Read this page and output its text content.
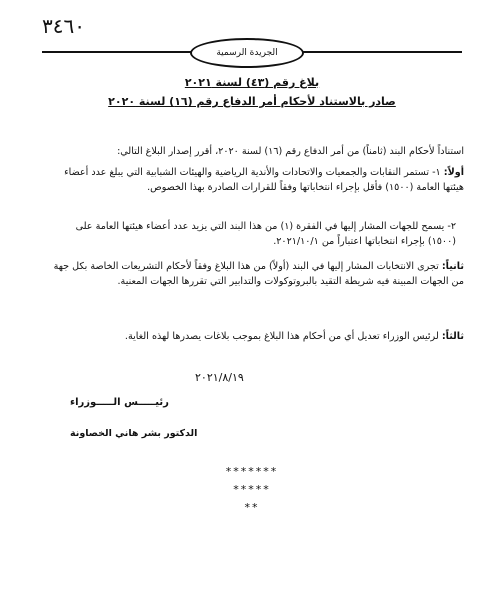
٣٤٦٠
الجريدة الرسمية
بلاغ رقم (٤٣) لسنة ٢٠٢١
صادر بالاستناد لأحكام أمر الدفاع رقم (١٦) لسنة ٢٠٢٠
استناداً لأحكام البند (ثامناً) من أمر الدفاع رقم (١٦) لسنة ٢٠٢٠، أقرر إصدار البلاغ التالي:
أولاً: ١- تستمر النقابات والجمعيات والاتحادات والأندية الرياضية والهيئات الشبابية التي يبلغ عدد أعضاء هيئتها العامة (١٥٠٠) فأقل بإجراء انتخاباتها وفقاً للقرارات الصادرة بهذا الخصوص.
٢- يسمح للجهات المشار إليها في الفقرة (١) من هذا البند التي يزيد عدد أعضاء هيئتها العامة على (١٥٠٠) بإجراء انتخاباتها اعتباراً من ٢٠٢١/١٠/١.
ثانياً: تجرى الانتخابات المشار إليها في البند (أولاً) من هذا البلاغ وفقاً لأحكام التشريعات الخاصة بكل جهة من الجهات المبينة فيه شريطة التقيد بالبروتوكولات والتدابير التي تقررها الجهات المعنية.
ثالثاً: لرئيس الوزراء تعديل أي من أحكام هذا البلاغ بموجب بلاغات يصدرها لهذه الغاية.
٢٠٢١/٨/١٩
رئيـــــس الـــــوزراء
الدكتور بشر هاني الخصاونة
*******
*****
**
